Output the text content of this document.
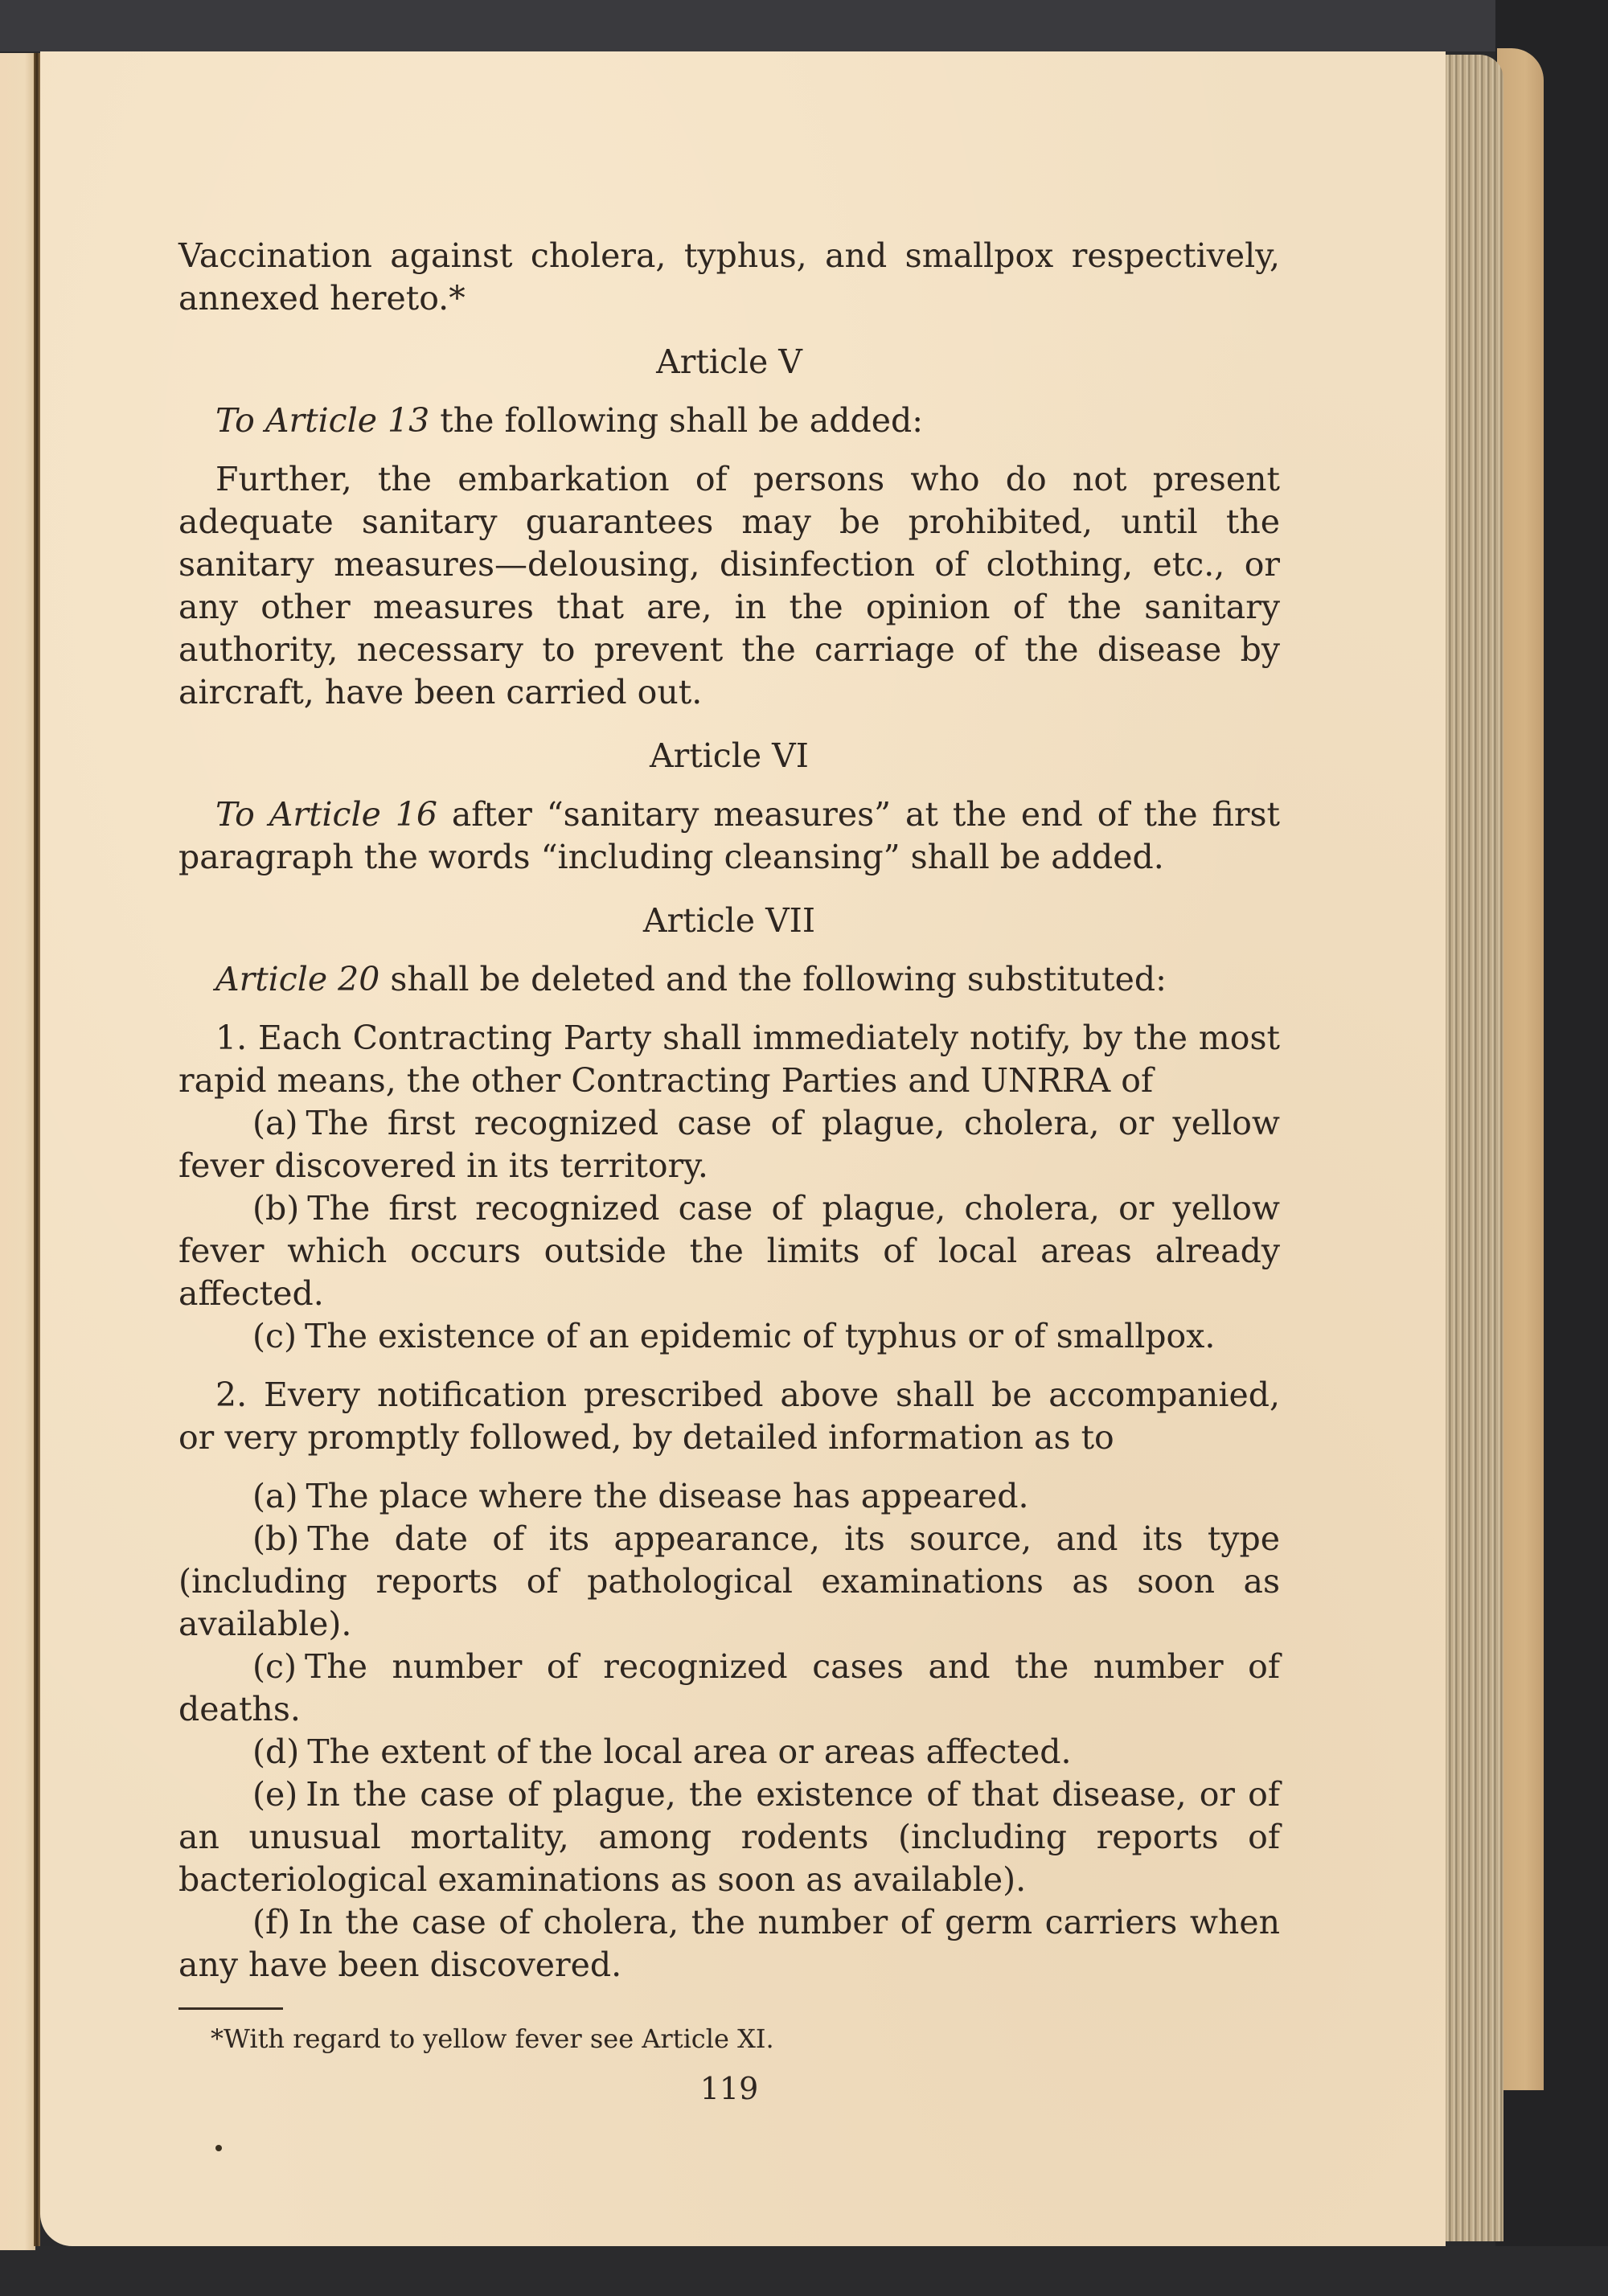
Vaccination against cholera, typhus, and smallpox respectively, annexed hereto.*

Article V

To Article 13 the following shall be added:

Further, the embarkation of persons who do not present adequate sanitary guarantees may be prohibited, until the sanitary measures—delousing, disinfection of clothing, etc., or any other measures that are, in the opinion of the sanitary authority, necessary to prevent the carriage of the disease by aircraft, have been carried out.

Article VI

To Article 16 after “sanitary measures” at the end of the first paragraph the words “including cleansing” shall be added.

Article VII

Article 20 shall be deleted and the following substituted:

1. Each Contracting Party shall immediately notify, by the most rapid means, the other Contracting Parties and UNRRA of

(a) The first recognized case of plague, cholera, or yellow fever discovered in its territory.

(b) The first recognized case of plague, cholera, or yellow fever which occurs outside the limits of local areas already affected.

(c) The existence of an epidemic of typhus or of smallpox.

2. Every notification prescribed above shall be accompanied, or very promptly followed, by detailed information as to

(a) The place where the disease has appeared.

(b) The date of its appearance, its source, and its type (including reports of pathological examinations as soon as available).

(c) The number of recognized cases and the number of deaths.

(d) The extent of the local area or areas affected.

(e) In the case of plague, the existence of that disease, or of an unusual mortality, among rodents (including reports of bacteriological examinations as soon as available).

(f) In the case of cholera, the number of germ carriers when any have been discovered.

*With regard to yellow fever see Article XI.

119
